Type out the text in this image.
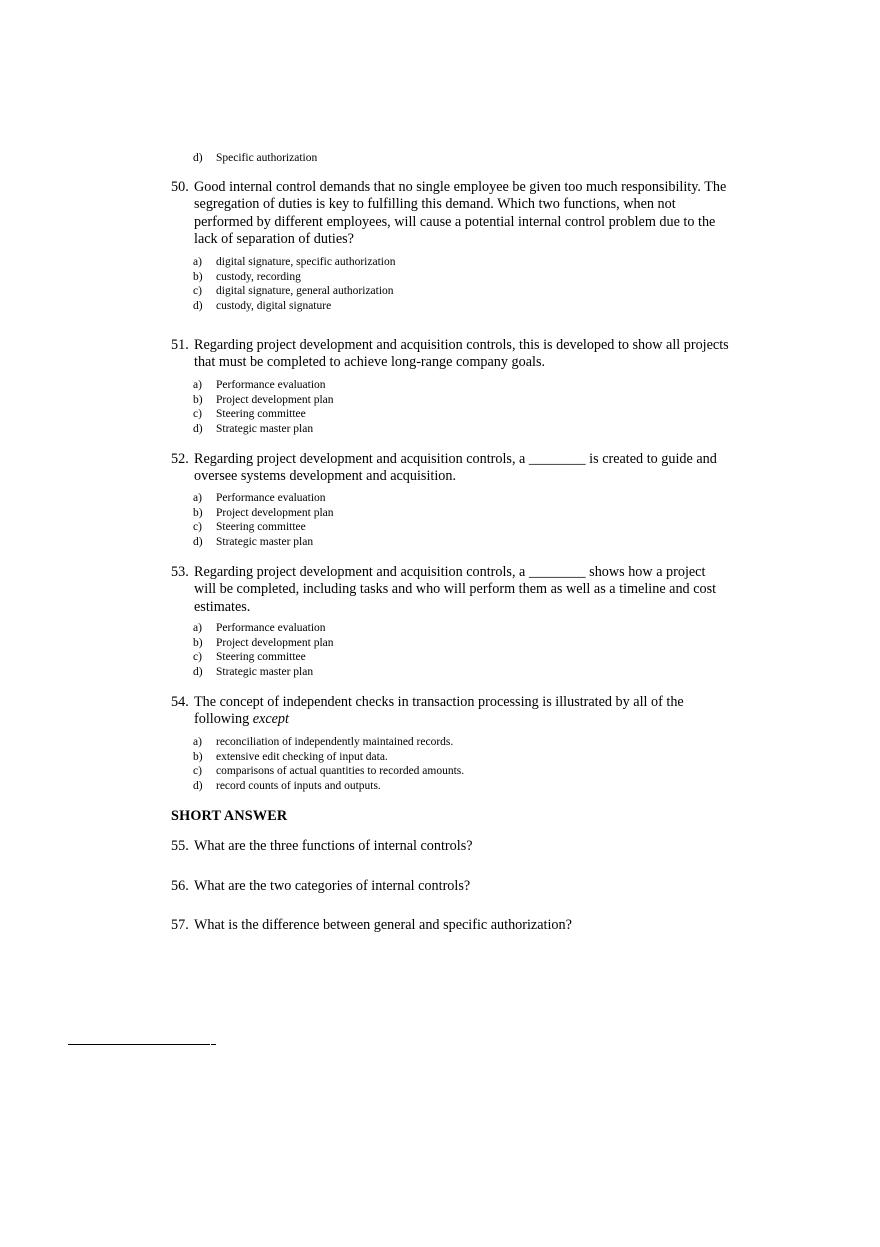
d)	Specific authorization
50. Good internal control demands that no single employee be given too much responsibility. The segregation of duties is key to fulfilling this demand. Which two functions, when not performed by different employees, will cause a potential internal control problem due to the lack of separation of duties?
a)	digital signature, specific authorization
b)	custody, recording
c)	digital signature, general authorization
d)	custody, digital signature
51. Regarding project development and acquisition controls, this is developed to show all projects that must be completed to achieve long-range company goals.
a)	Performance evaluation
b)	Project development plan
c)	Steering committee
d)	Strategic master plan
52. Regarding project development and acquisition controls, a ________ is created to guide and oversee systems development and acquisition.
a)	Performance evaluation
b)	Project development plan
c)	Steering committee
d)	Strategic master plan
53. Regarding project development and acquisition controls, a ________ shows how a project will be completed, including tasks and who will perform them as well as a timeline and cost estimates.
a)	Performance evaluation
b)	Project development plan
c)	Steering committee
d)	Strategic master plan
54. The concept of independent checks in transaction processing is illustrated by all of the following except
a)	reconciliation of independently maintained records.
b)	extensive edit checking of input data.
c)	comparisons of actual quantities to recorded amounts.
d)	record counts of inputs and outputs.
SHORT ANSWER
55. What are the three functions of internal controls?
56. What are the two categories of internal controls?
57. What is the difference between general and specific authorization?
